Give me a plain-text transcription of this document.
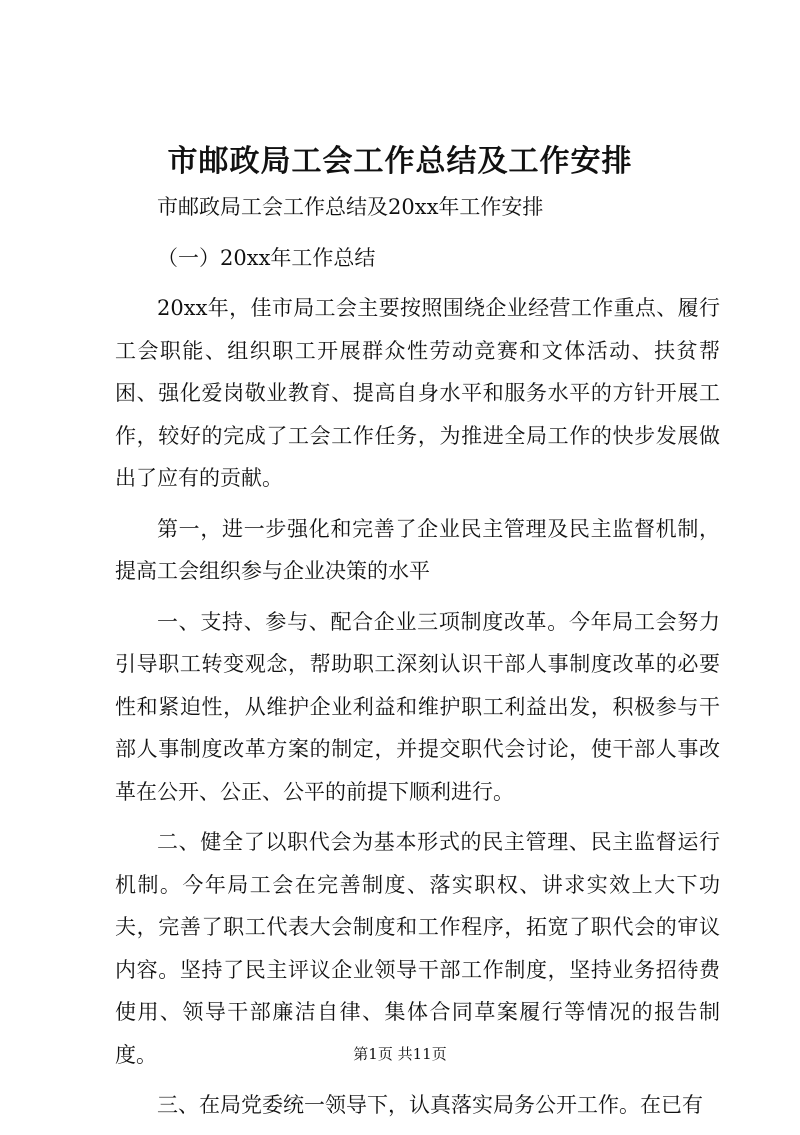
市邮政局工会工作总结及工作安排

市邮政局工会工作总结及20xx年工作安排

（一）20xx年工作总结

20xx年，佳市局工会主要按照围绕企业经营工作重点、履行工会职能、组织职工开展群众性劳动竞赛和文体活动、扶贫帮困、强化爱岗敬业教育、提高自身水平和服务水平的方针开展工作，较好的完成了工会工作任务，为推进全局工作的快步发展做出了应有的贡献。

第一，进一步强化和完善了企业民主管理及民主监督机制，提高工会组织参与企业决策的水平

一、支持、参与、配合企业三项制度改革。今年局工会努力引导职工转变观念，帮助职工深刻认识干部人事制度改革的必要性和紧迫性，从维护企业利益和维护职工利益出发，积极参与干部人事制度改革方案的制定，并提交职代会讨论，使干部人事改革在公开、公正、公平的前提下顺利进行。

二、健全了以职代会为基本形式的民主管理、民主监督运行机制。今年局工会在完善制度、落实职权、讲求实效上大下功夫，完善了职工代表大会制度和工作程序，拓宽了职代会的审议内容。坚持了民主评议企业领导干部工作制度，坚持业务招待费使用、领导干部廉洁自律、集体合同草案履行等情况的报告制度。

三、在局党委统一领导下，认真落实局务公开工作。在已有

第1页 共11页
